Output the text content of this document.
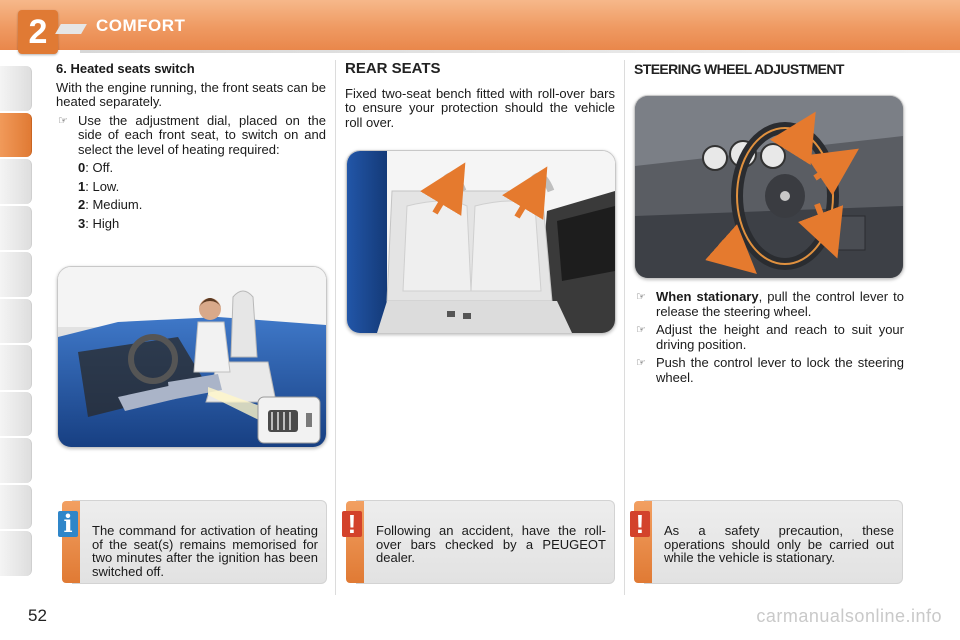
2	COMFORT

6. Heated seats switch

With the engine running, the front seats can be heated separately.

☞ Use the adjustment dial, placed on the side of each front seat, to switch on and select the level of heating required:

0: Off.
1: Low.
2: Medium.
3: High
i	The command for activation of heating of the seat(s) remains memorised for two minutes after the ignition has been switched off.

REAR SEATS

Fixed two-seat bench fitted with roll-over bars to ensure your protection should the vehicle roll over.

!	Following an accident, have the roll-over bars checked by a PEUGEOT dealer.

STEERING WHEEL ADJUSTMENT

☞ When stationary, pull the control lever to release the steering wheel.

☞ Adjust the height and reach to suit your driving position.

☞ Push the control lever to lock the steering wheel.

!	As a safety precaution, these operations should only be carried out while the vehicle is stationary.
52	carmanualsonline.info
